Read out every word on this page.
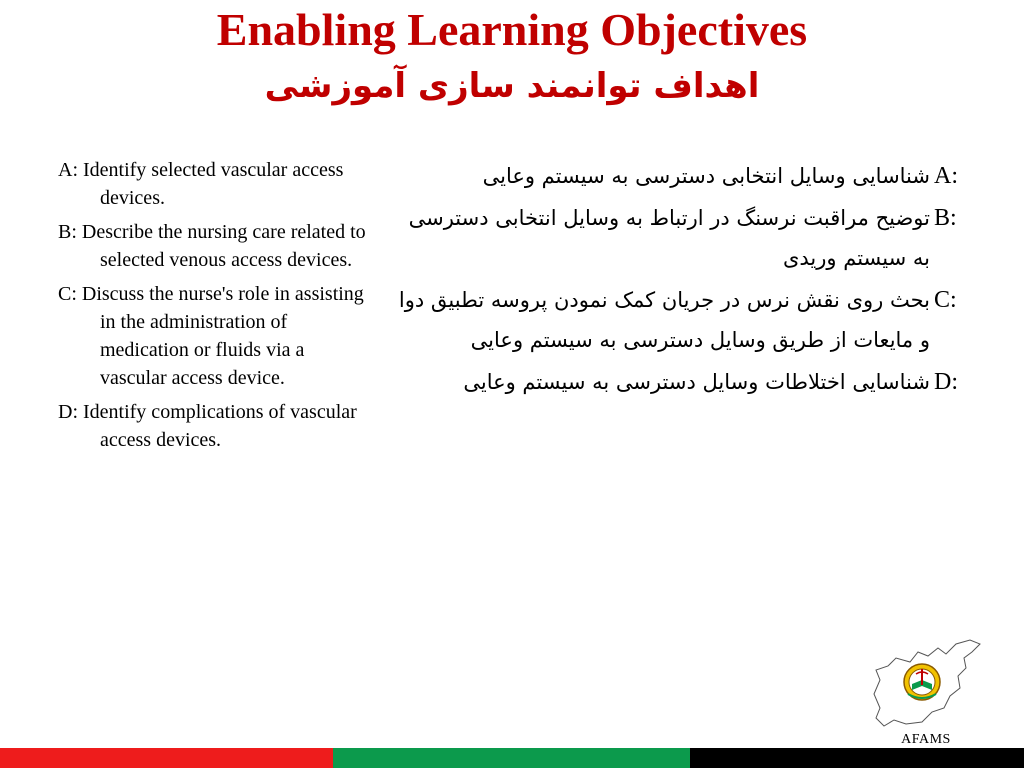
Enabling Learning Objectives
اهداف توانمند سازی آموزشی

A: Identify selected vascular access devices.

B: Describe the nursing care related to selected venous access devices.

C: Discuss the nurse's role in assisting in the administration of medication or fluids via a vascular access device.

D: Identify complications of vascular access devices.

A:
شناسایی وسایل انتخابی دسترسی به سیستم وعایی
B:
توضیح مراقبت نرسنگ در ارتباط به وسایل انتخابی دسترسی به سیستم وریدی
C:
بحث روی نقش نرس در جریان کمک نمودن پروسه تطبیق دوا و مایعات از طریق وسایل دسترسی به سیستم وعایی
D:
شناسایی اختلاطات وسایل دسترسی به سیستم وعایی
AFAMS
